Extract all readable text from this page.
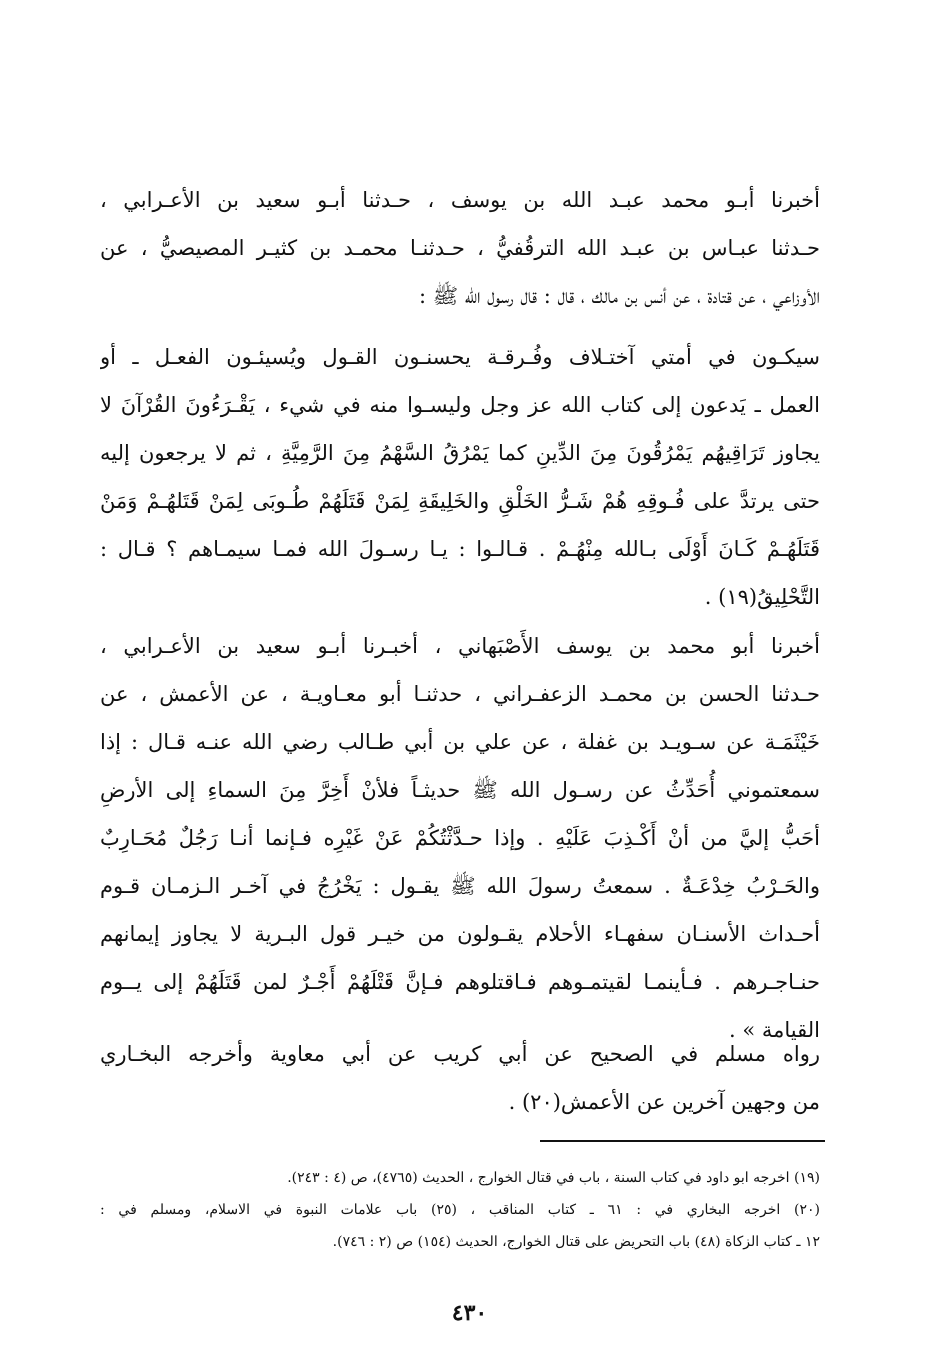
أخبرنا أبـو محمد عبـد الله بن يوسف ، حـدثنا أبـو سعيد بن الأعـرابي ،
حـدثنا عبـاس بن عبـد الله الترقُفيُّ ، حـدثنـا محمـد بن كثيـر المصيصيُّ ، عن
الأوزاعي ، عن قتادة ، عن أنس بن مالك ، قال : قال رسول الله ﷺ :
سيكـون في أمتي آختـلاف وفُـرقـة يحسنـون القـول ويُسيئـون الفعـل ـ أو
العمل ـ يَدعون إلى كتاب الله عز وجل وليسـوا منه في شيء ، يَقْـرَءُونَ القُرْآنَ لا
يجاوز تَرَاقِيهُم يَمْرُقُونَ مِنَ الدِّينِ كما يَمْرُقُ السَّهْمُ مِنَ الرَّمِيَّةِ ، ثم لا يرجعون إليه
حتى يرتدَّ على فُـوقِهِ هُمْ شَـرُّ الخَلْقِ والخَلِيقَةِ لِمَنْ قَتَلَهُمْ طُـوبَى لِمَنْ قَتَلهُـمْ وَمَنْ
قَتَلَهُـمْ كَـانَ أَوْلَى بـالله مِنْهُـمْ . قـالـوا : يـا رسـولَ الله فمـا سيمـاهم ؟ قـال :
التَّحْلِيقُ(١٩) .
أخبرنا أبو محمد بن يوسف الأَصْبَهاني ، أخبـرنا أبـو سعيد بن الأعـرابي ،
حـدثنا الحسن بن محمـد الزعفـراني ، حدثنـا أبو معـاويـة ، عن الأعمش ، عن
خَيْثَمَـة عن سـويـد بن غفلة ، عن علي بن أبي طـالب رضي الله عنـه قـال : إذا
سمعتموني أُحَدِّثُ عن رسـول الله ﷺ حديثـاً فلأنْ أَخِرَّ مِنَ السماءِ إلى الأرضِ
أحَبُّ إليَّ من أنْ أَكْـذِبَ عَلَيْهِ . وإذا حـدَّثْتُكُمْ عَنْ غَيْرِه فـإنما أنـا رَجُلٌ مُحَـارِبٌ
والحَـرْبُ خِدْعَـةٌ . سمعتُ رسولَ الله ﷺ يقـول : يَخْرُجُ في آخـر الـزمـان قـوم
أحـداث الأسنـان سفهـاء الأحلام يقـولون من خيـر قول البـرية لا يجاوز إيمانهم
حنـاجـرهم . فـأينمـا لقيتمـوهم فـاقتلوهم فـإنَّ قَتْلَهُمْ أَجْـرٌ لمن قَتَلَهُمْ إلى يــوم
القيامة » .
رواه مسلم في الصحيح عن أبي كريب عن أبي معاوية وأخرجه البخـاري
من وجهين آخرين عن الأعمش(٢٠) .
(١٩) اخرجه ابو داود في كتاب السنة ، باب في قتال الخوارج ، الحديث (٤٧٦٥)، ص (٤ : ٢٤٣).
(٢٠) اخرجه البخاري في : ٦١ ـ كتاب المناقب ، (٢٥) باب علامات النبوة في الاسلام، ومسلم في :
١٢ ـ كتاب الزكاة (٤٨) باب التحريض على قتال الخوارج، الحديث (١٥٤) ص (٢ : ٧٤٦).
٤٣٠
